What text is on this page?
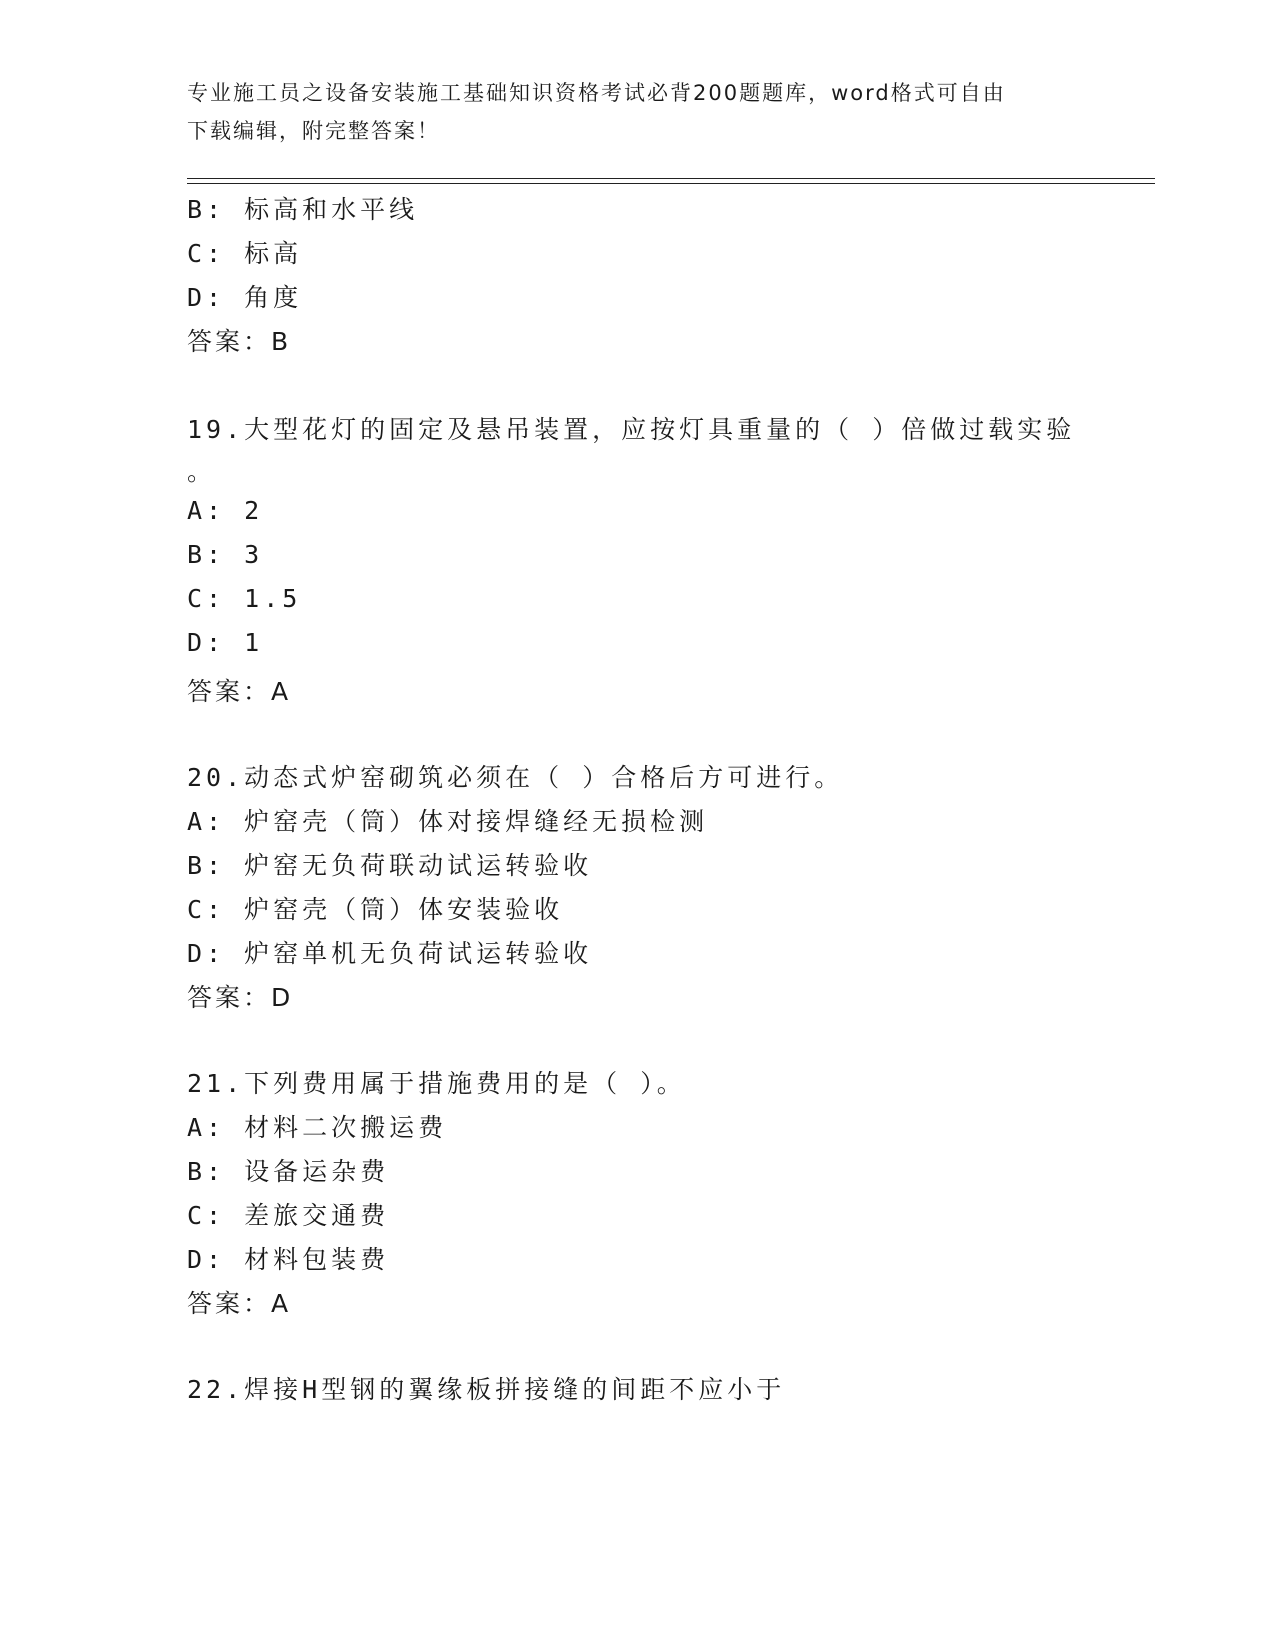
专业施工员之设备安装施工基础知识资格考试必背200题题库，word格式可自由
下载编辑，附完整答案！
B: 标高和水平线
C: 标高
D: 角度
答案：B
19.大型花灯的固定及悬吊装置，应按灯具重量的（ ）倍做过载实验
。
A: 2
B: 3
C: 1.5
D: 1
答案：A
20.动态式炉窑砌筑必须在（ ）合格后方可进行。
A: 炉窑壳（筒）体对接焊缝经无损检测
B: 炉窑无负荷联动试运转验收
C: 炉窑壳（筒）体安装验收
D: 炉窑单机无负荷试运转验收
答案：D
21.下列费用属于措施费用的是（ ）。
A: 材料二次搬运费
B: 设备运杂费
C: 差旅交通费
D: 材料包装费
答案：A
22.焊接H型钢的翼缘板拼接缝的间距不应小于
